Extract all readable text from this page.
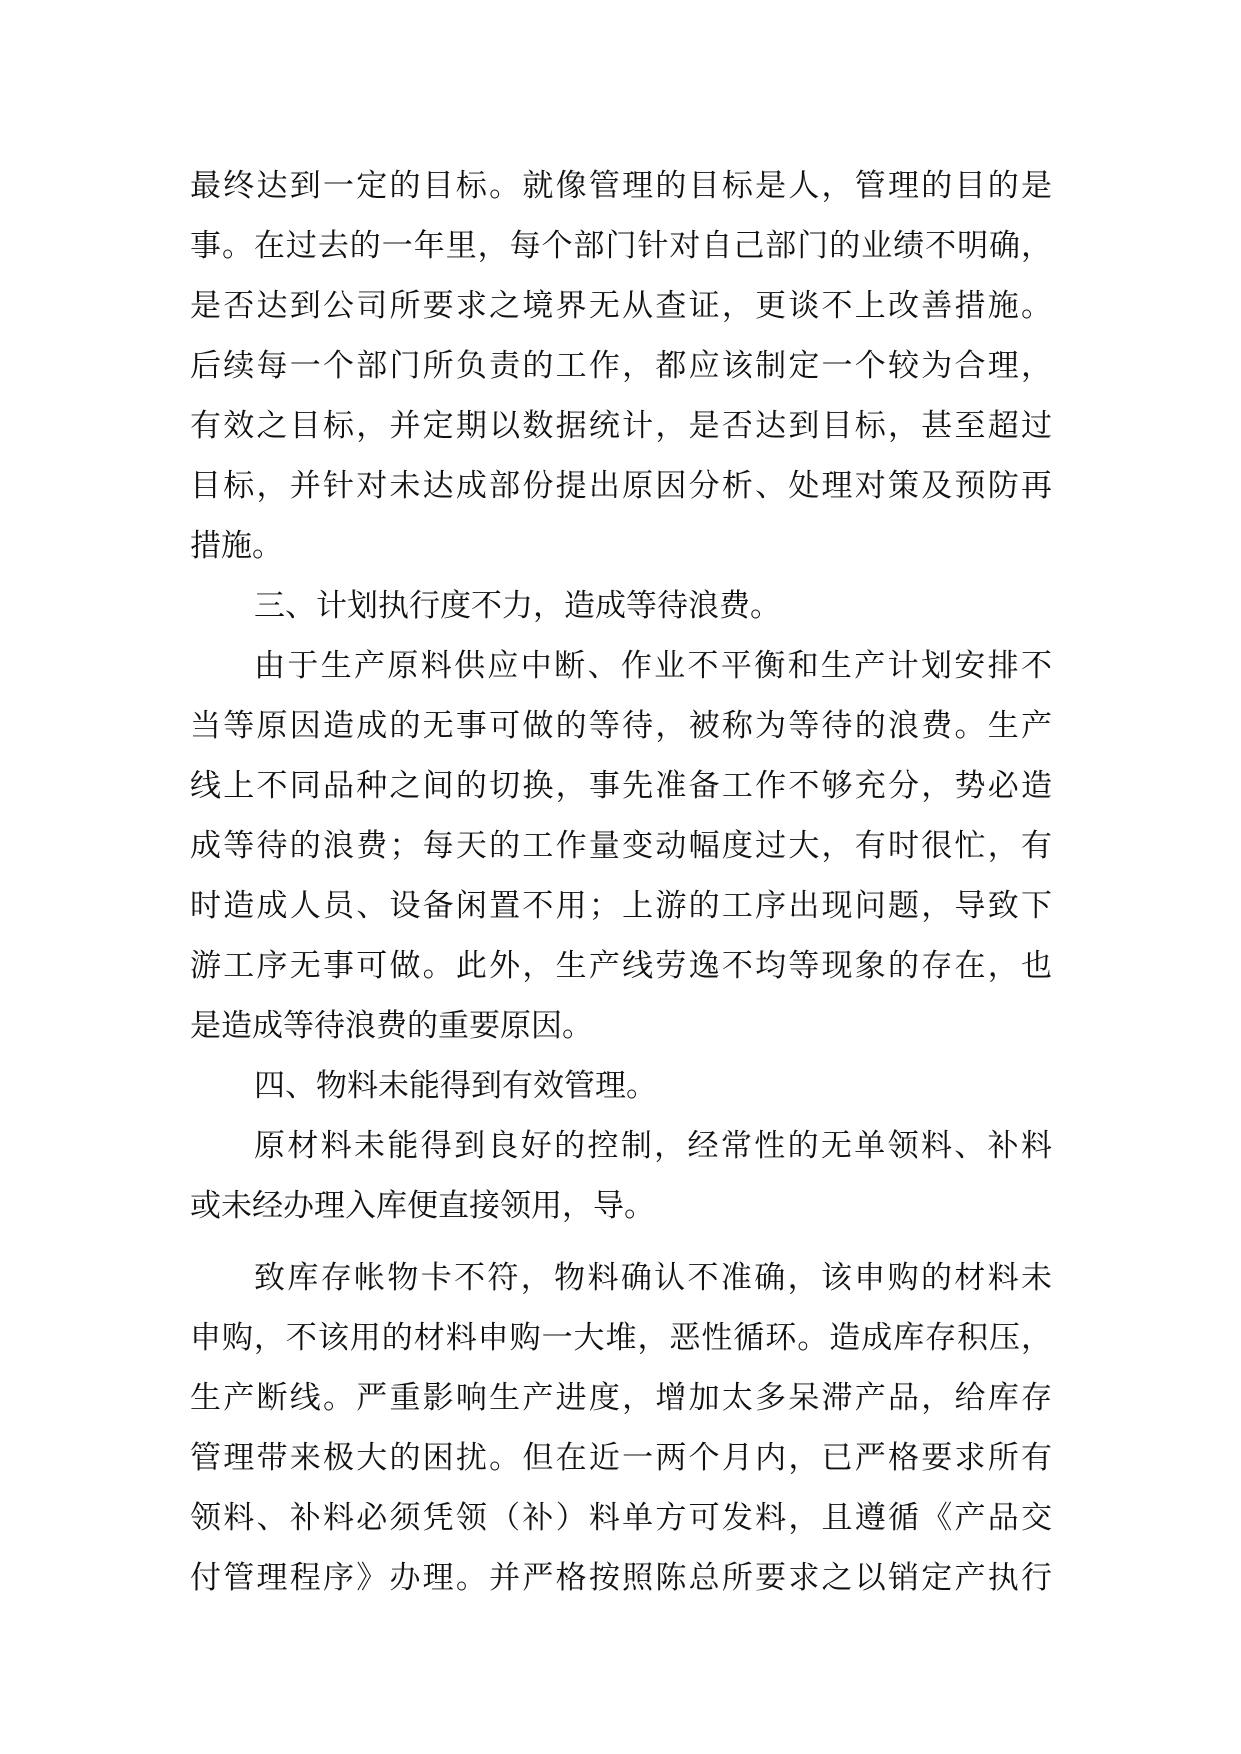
最终达到一定的目标。就像管理的目标是人，管理的目的是
事。在过去的一年里，每个部门针对自己部门的业绩不明确，
是否达到公司所要求之境界无从查证，更谈不上改善措施。
后续每一个部门所负责的工作，都应该制定一个较为合理，
有效之目标，并定期以数据统计，是否达到目标，甚至超过
目标，并针对未达成部份提出原因分析、处理对策及预防再
措施。
三、计划执行度不力，造成等待浪费。
由于生产原料供应中断、作业不平衡和生产计划安排不
当等原因造成的无事可做的等待，被称为等待的浪费。生产
线上不同品种之间的切换，事先准备工作不够充分，势必造
成等待的浪费；每天的工作量变动幅度过大，有时很忙，有
时造成人员、设备闲置不用；上游的工序出现问题，导致下
游工序无事可做。此外，生产线劳逸不均等现象的存在，也
是造成等待浪费的重要原因。
四、物料未能得到有效管理。
原材料未能得到良好的控制，经常性的无单领料、补料
或未经办理入库便直接领用，导。
致库存帐物卡不符，物料确认不准确，该申购的材料未
申购，不该用的材料申购一大堆，恶性循环。造成库存积压，
生产断线。严重影响生产进度，增加太多呆滞产品，给库存
管理带来极大的困扰。但在近一两个月内，已严格要求所有
领料、补料必须凭领（补）料单方可发料，且遵循《产品交
付管理程序》办理。并严格按照陈总所要求之以销定产执行
